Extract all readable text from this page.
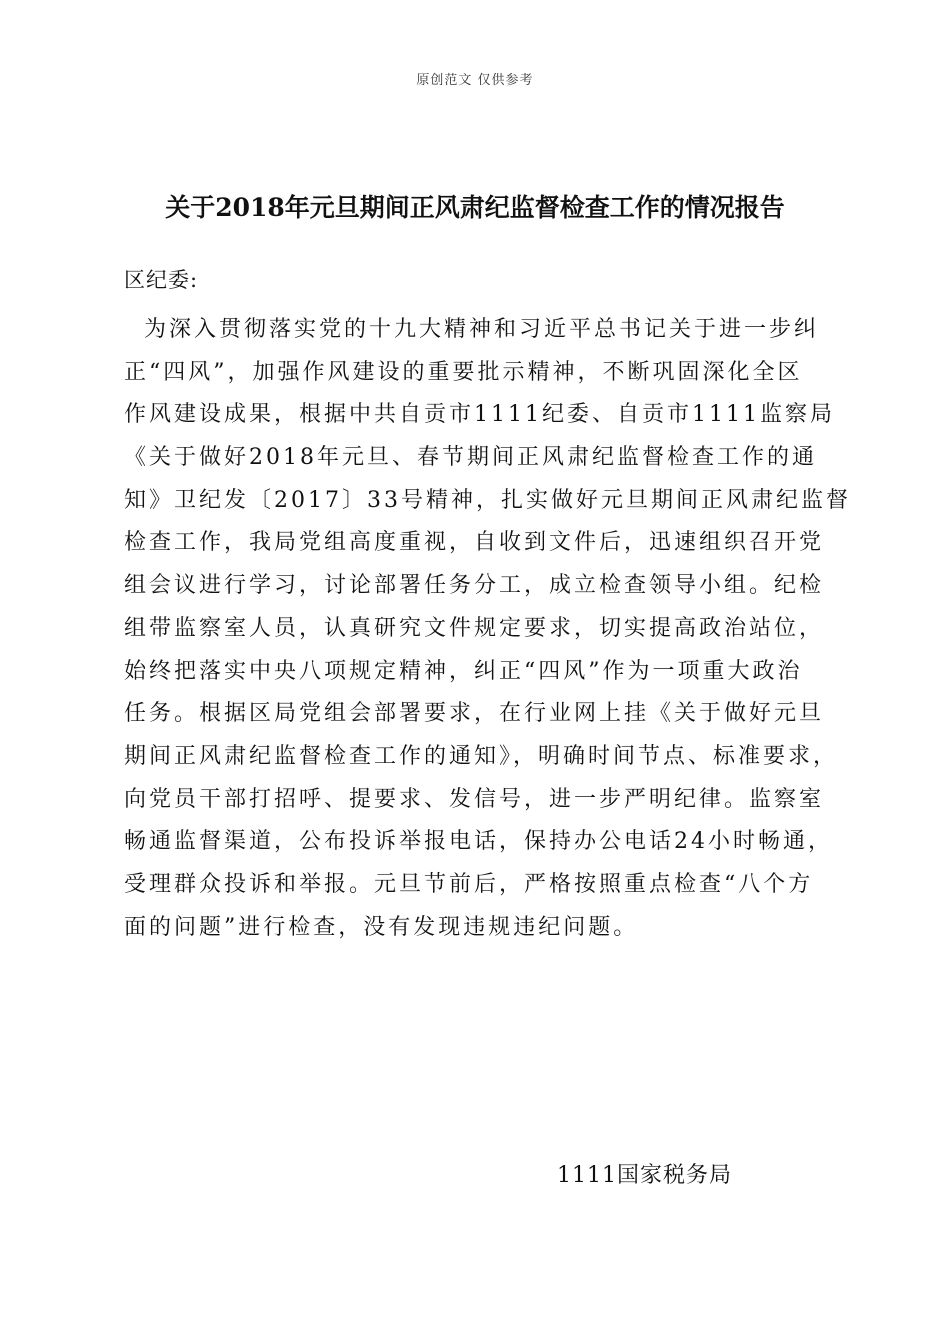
原创范文 仅供参考
关于2018年元旦期间正风肃纪监督检查工作的情况报告
区纪委:
为深入贯彻落实党的十九大精神和习近平总书记关于进一步纠
正“四风”，加强作风建设的重要批示精神，不断巩固深化全区
作风建设成果，根据中共自贡市1111纪委、自贡市1111监察局
《关于做好2018年元旦、春节期间正风肃纪监督检查工作的通
知》卫纪发〔2017〕33号精神，扎实做好元旦期间正风肃纪监督
检查工作，我局党组高度重视，自收到文件后，迅速组织召开党
组会议进行学习，讨论部署任务分工，成立检查领导小组。纪检
组带监察室人员，认真研究文件规定要求，切实提高政治站位，
始终把落实中央八项规定精神，纠正“四风”作为一项重大政治
任务。根据区局党组会部署要求，在行业网上挂《关于做好元旦
期间正风肃纪监督检查工作的通知》，明确时间节点、标准要求，
向党员干部打招呼、提要求、发信号，进一步严明纪律。监察室
畅通监督渠道，公布投诉举报电话，保持办公电话24小时畅通，
受理群众投诉和举报。元旦节前后，严格按照重点检查“八个方
面的问题”进行检查，没有发现违规违纪问题。
1111国家税务局
